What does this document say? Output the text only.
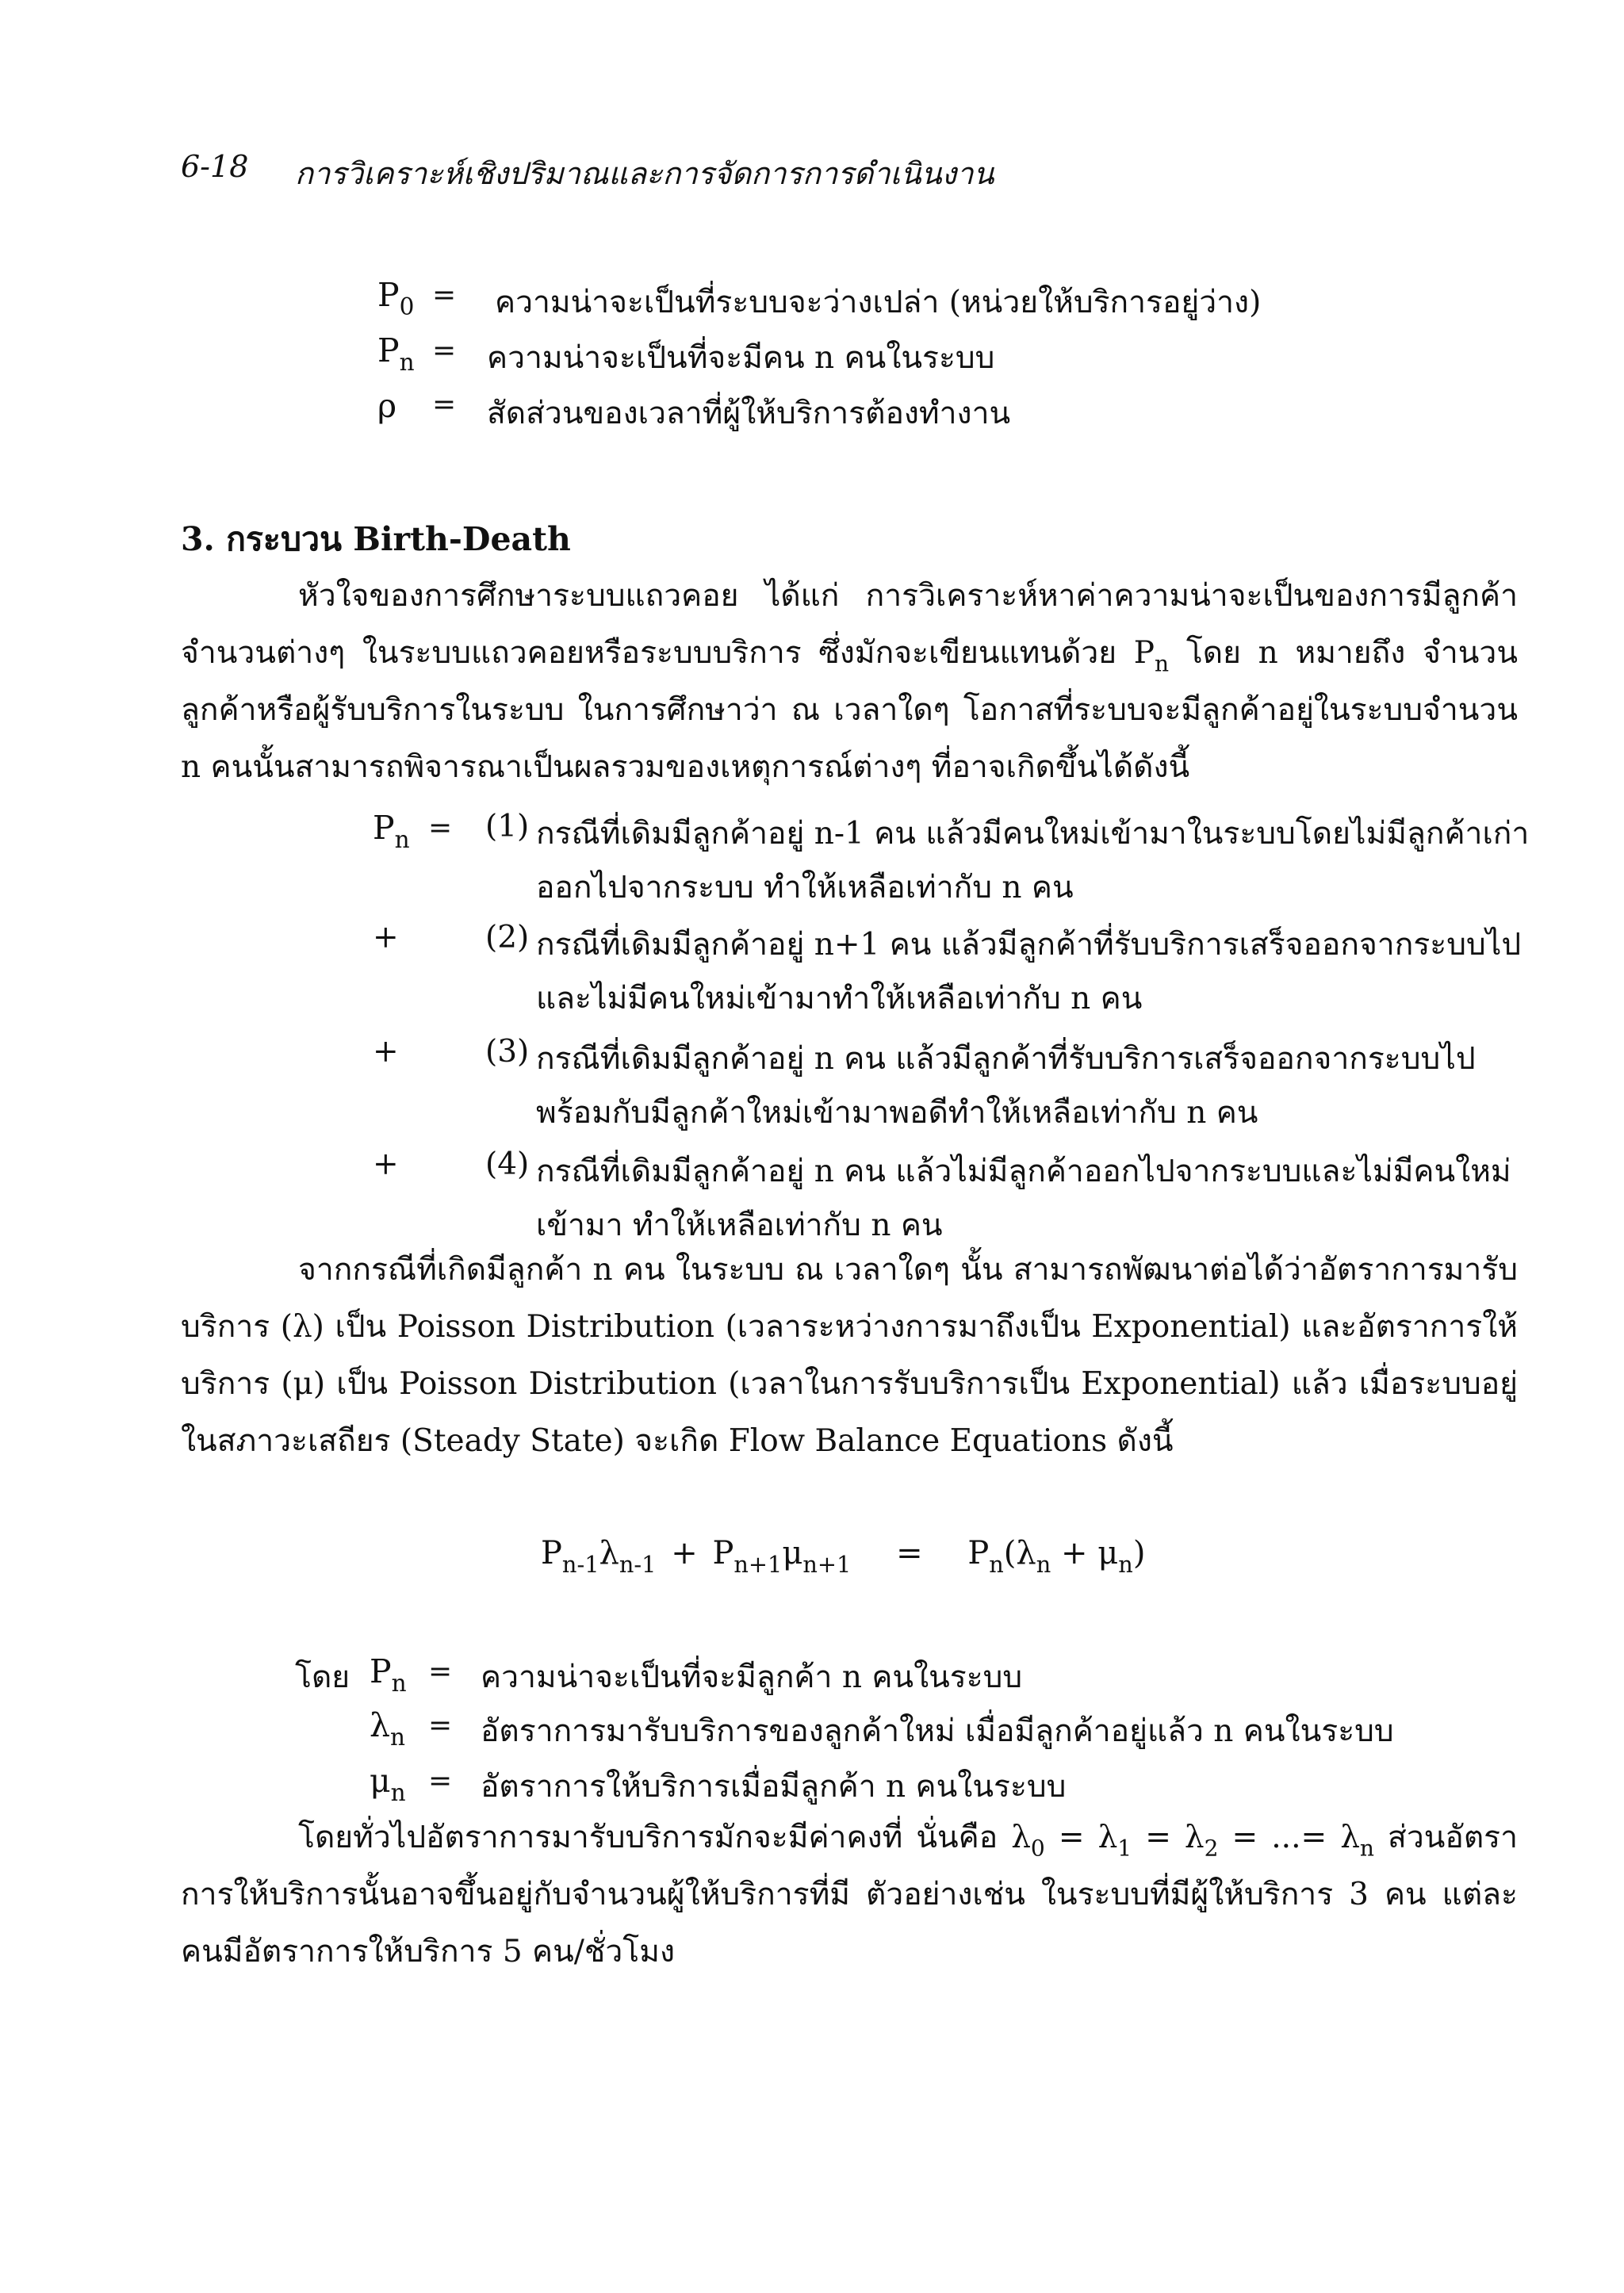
6-18 การวิเคราะห์เชิงปริมาณและการจัดการการดำเนินงาน
$P_0$ = ความน่าจะเป็นที่ระบบจะว่างเปล่า (หน่วยให้บริการอยู่ว่าง)
$P_n$ = ความน่าจะเป็นที่จะมีคน n คนในระบบ
ρ = สัดส่วนของเวลาที่ผู้ให้บริการต้องทำงาน
3. กระบวน Birth-Death

หัวใจของการศึกษาระบบแถวคอย ได้แก่ การวิเคราะห์หาค่าความน่าจะเป็นของการมีลูกค้าจำนวนต่างๆ ในระบบแถวคอยหรือระบบบริการ ซึ่งมักจะเขียนแทนด้วย $P_n$ โดย n หมายถึง จำนวนลูกค้าหรือผู้รับบริการในระบบ ในการศึกษาว่า ณ เวลาใดๆ โอกาสที่ระบบจะมีลูกค้าอยู่ในระบบจำนวน n คนนั้นสามารถพิจารณาเป็นผลรวมของเหตุการณ์ต่างๆ ที่อาจเกิดขึ้นได้ดังนี้

$P_n = (1)$ กรณีที่เดิมมีลูกค้าอยู่ n-1 คน แล้วมีคนใหม่เข้ามาในระบบโดยไม่มีลูกค้าเก่า
ออกไปจากระบบ ทำให้เหลือเท่ากับ n คน
+	(2) กรณีที่เดิมมีลูกค้าอยู่ n+1 คน แล้วมีลูกค้าที่รับบริการเสร็จออกจากระบบไป
และไม่มีคนใหม่เข้ามาทำให้เหลือเท่ากับ n คน
+	(3) กรณีที่เดิมมีลูกค้าอยู่ n คน แล้วมีลูกค้าที่รับบริการเสร็จออกจากระบบไป
พร้อมกับมีลูกค้าใหม่เข้ามาพอดีทำให้เหลือเท่ากับ n คน
+	(4) กรณีที่เดิมมีลูกค้าอยู่ n คน แล้วไม่มีลูกค้าออกไปจากระบบและไม่มีคนใหม่
เข้ามา ทำให้เหลือเท่ากับ n คน

จากกรณีที่เกิดมีลูกค้า n คน ในระบบ ณ เวลาใดๆ นั้น สามารถพัฒนาต่อได้ว่าอัตราการมารับบริการ (λ) เป็น Poisson Distribution (เวลาระหว่างการมาถึงเป็น Exponential) และอัตราการให้บริการ (μ) เป็น Poisson Distribution (เวลาในการรับบริการเป็น Exponential) แล้ว เมื่อระบบอยู่ในสภาวะเสถียร (Steady State) จะเกิด Flow Balance Equations ดังนี้

$P_{n-1}\lambda_{n-1} + P_{n+1}\mu_{n+1} = P_n(\lambda_n + \mu_n)$
โดย $P_n$ = ความน่าจะเป็นที่จะมีลูกค้า n คนในระบบ
$\lambda_n$ = อัตราการมารับบริการของลูกค้าใหม่ เมื่อมีลูกค้าอยู่แล้ว n คนในระบบ
$\mu_n$ = อัตราการให้บริการเมื่อมีลูกค้า n คนในระบบ

โดยทั่วไปอัตราการมารับบริการมักจะมีค่าคงที่ นั่นคือ $\lambda_0 = \lambda_1 = \lambda_2$ = ...= $\lambda_n$ ส่วนอัตราการให้บริการนั้นอาจขึ้นอยู่กับจำนวนผู้ให้บริการที่มี ตัวอย่างเช่น ในระบบที่มีผู้ให้บริการ 3 คน แต่ละคนมีอัตราการให้บริการ 5 คน/ชั่วโมง
